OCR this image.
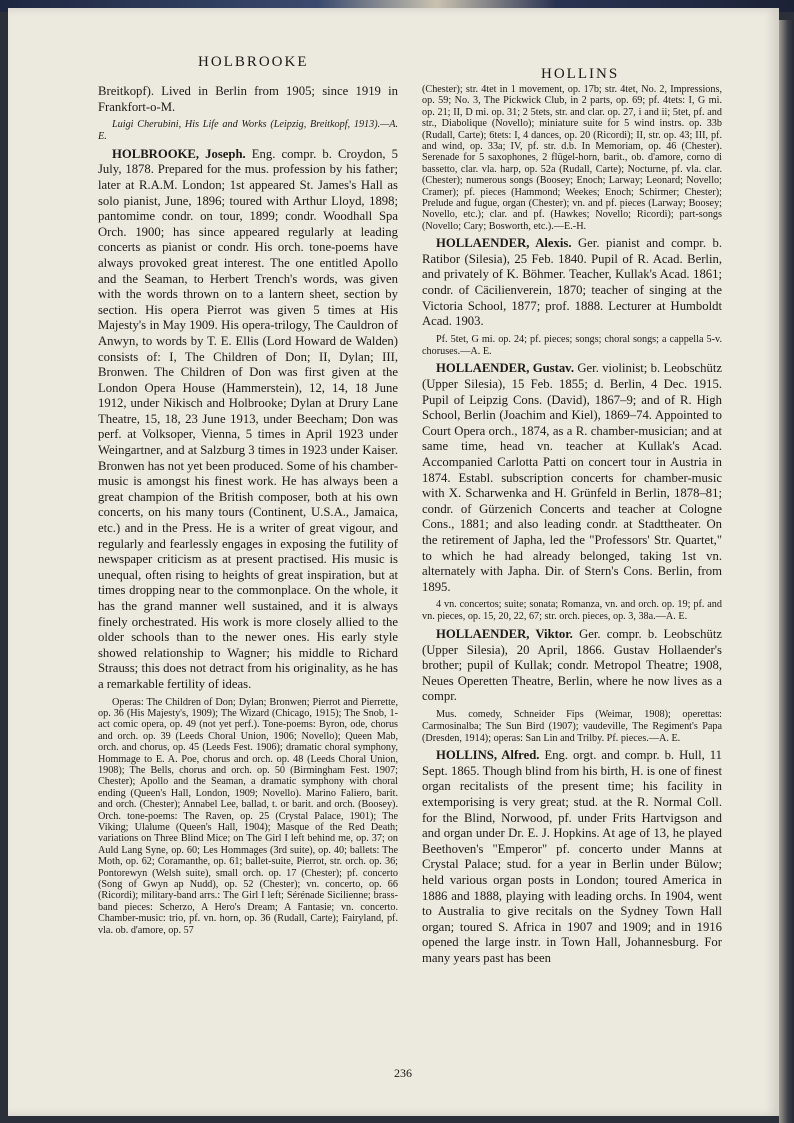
HOLBROOKE
HOLLINS

Breitkopf). Lived in Berlin from 1905; since 1919 in Frankfort-o-M.

Luigi Cherubini, His Life and Works (Leipzig, Breitkopf, 1913).—A. E.

HOLBROOKE, Joseph. Eng. compr. b. Croydon, 5 July, 1878. Prepared for the mus. profession by his father; later at R.A.M. London; 1st appeared St. James's Hall as solo pianist, June, 1896; toured with Arthur Lloyd, 1898; pantomime condr. on tour, 1899; condr. Woodhall Spa Orch. 1900; has since appeared regularly at leading concerts as pianist or condr. His orch. tone-poems have always provoked great interest. The one entitled Apollo and the Seaman, to Herbert Trench's words, was given with the words thrown on to a lantern sheet, section by section. His opera Pierrot was given 5 times at His Majesty's in May 1909. His opera-trilogy, The Cauldron of Anwyn, to words by T. E. Ellis (Lord Howard de Walden) consists of: I, The Children of Don; II, Dylan; III, Bronwen. The Children of Don was first given at the London Opera House (Hammerstein), 12, 14, 18 June 1912, under Nikisch and Holbrooke; Dylan at Drury Lane Theatre, 15, 18, 23 June 1913, under Beecham; Don was perf. at Volksoper, Vienna, 5 times in April 1923 under Weingartner, and at Salzburg 3 times in 1923 under Kaiser. Bronwen has not yet been produced. Some of his chamber-music is amongst his finest work. He has always been a great champion of the British composer, both at his own concerts, on his many tours (Continent, U.S.A., Jamaica, etc.) and in the Press. He is a writer of great vigour, and regularly and fearlessly engages in exposing the futility of newspaper criticism as at present practised. His music is unequal, often rising to heights of great inspiration, but at times dropping near to the commonplace. On the whole, it has the grand manner well sustained, and it is always finely orchestrated. His work is more closely allied to the older schools than to the newer ones. His early style showed relationship to Wagner; his middle to Richard Strauss; this does not detract from his originality, as he has a remarkable fertility of ideas.

Operas: The Children of Don; Dylan; Bronwen; Pierrot and Pierrette, op. 36 (His Majesty's, 1909); The Wizard (Chicago, 1915); The Snob, 1-act comic opera, op. 49 (not yet perf.). Tone-poems: Byron, ode, chorus and orch. op. 39 (Leeds Choral Union, 1906; Novello); Queen Mab, orch. and chorus, op. 45 (Leeds Fest. 1906); dramatic choral symphony, Hommage to E. A. Poe, chorus and orch. op. 48 (Leeds Choral Union, 1908); The Bells, chorus and orch. op. 50 (Birmingham Fest. 1907; Chester); Apollo and the Seaman, a dramatic symphony with choral ending (Queen's Hall, London, 1909; Novello). Marino Faliero, barit. and orch. (Chester); Annabel Lee, ballad, t. or barit. and orch. (Boosey). Orch. tone-poems: The Raven, op. 25 (Crystal Palace, 1901); The Viking; Ulalume (Queen's Hall, 1904); Masque of the Red Death; variations on Three Blind Mice; on The Girl I left behind me, op. 37; on Auld Lang Syne, op. 60; Les Hommages (3rd suite), op. 40; ballets: The Moth, op. 62; Coramanthe, op. 61; ballet-suite, Pierrot, str. orch. op. 36; Pontorewyn (Welsh suite), small orch. op. 17 (Chester); pf. concerto (Song of Gwyn ap Nudd), op. 52 (Chester); vn. concerto, op. 66 (Ricordi); military-band arrs.: The Girl I left; Sérénade Sicilienne; brass-band pieces: Scherzo, A Hero's Dream; A Fantasie; vn. concerto. Chamber-music: trio, pf. vn. horn, op. 36 (Rudall, Carte); Fairyland, pf. vla. ob. d'amore, op. 57

(Chester); str. 4tet in 1 movement, op. 17b; str. 4tet, No. 2, Impressions, op. 59; No. 3, The Pickwick Club, in 2 parts, op. 69; pf. 4tets: I, G mi. op. 21; II, D mi. op. 31; 2 5tets, str. and clar. op. 27, i and ii; 5tet, pf. and str., Diabolique (Novello); miniature suite for 5 wind instrs. op. 33b (Rudall, Carte); 6tets: I, 4 dances, op. 20 (Ricordi); II, str. op. 43; III, pf. and wind, op. 33a; IV, pf. str. d.b. In Memoriam, op. 46 (Chester). Serenade for 5 saxophones, 2 flügel-horn, barit., ob. d'amore, corno di bassetto, clar. vla. harp, op. 52a (Rudall, Carte); Nocturne, pf. vla. clar. (Chester); numerous songs (Boosey; Enoch; Larway; Leonard; Novello; Cramer); pf. pieces (Hammond; Weekes; Enoch; Schirmer; Chester); Prelude and fugue, organ (Chester); vn. and pf. pieces (Larway; Boosey; Novello, etc.); clar. and pf. (Hawkes; Novello; Ricordi); part-songs (Novello; Cary; Bosworth, etc.).—E.-H.

HOLLAENDER, Alexis. Ger. pianist and compr. b. Ratibor (Silesia), 25 Feb. 1840. Pupil of R. Acad. Berlin, and privately of K. Böhmer. Teacher, Kullak's Acad. 1861; condr. of Cäcilienverein, 1870; teacher of singing at the Victoria School, 1877; prof. 1888. Lecturer at Humboldt Acad. 1903.

Pf. 5tet, G mi. op. 24; pf. pieces; songs; choral songs; a cappella 5-v. choruses.—A. E.

HOLLAENDER, Gustav. Ger. violinist; b. Leobschütz (Upper Silesia), 15 Feb. 1855; d. Berlin, 4 Dec. 1915. Pupil of Leipzig Cons. (David), 1867–9; and of R. High School, Berlin (Joachim and Kiel), 1869–74. Appointed to Court Opera orch., 1874, as a R. chamber-musician; and at same time, head vn. teacher at Kullak's Acad. Accompanied Carlotta Patti on concert tour in Austria in 1874. Establ. subscription concerts for chamber-music with X. Scharwenka and H. Grünfeld in Berlin, 1878–81; condr. of Gürzenich Concerts and teacher at Cologne Cons., 1881; and also leading condr. at Stadttheater. On the retirement of Japha, led the "Professors' Str. Quartet," to which he had already belonged, taking 1st vn. alternately with Japha. Dir. of Stern's Cons. Berlin, from 1895.

4 vn. concertos; suite; sonata; Romanza, vn. and orch. op. 19; pf. and vn. pieces, op. 15, 20, 22, 67; str. orch. pieces, op. 3, 38a.—A. E.

HOLLAENDER, Viktor. Ger. compr. b. Leobschütz (Upper Silesia), 20 April, 1866. Gustav Hollaender's brother; pupil of Kullak; condr. Metropol Theatre; 1908, Neues Operetten Theatre, Berlin, where he now lives as a compr.

Mus. comedy, Schneider Fips (Weimar, 1908); operettas: Carmosinalba; The Sun Bird (1907); vaudeville, The Regiment's Papa (Dresden, 1914); operas: San Lin and Trilby. Pf. pieces.—A. E.

HOLLINS, Alfred. Eng. orgt. and compr. b. Hull, 11 Sept. 1865. Though blind from his birth, H. is one of finest organ recitalists of the present time; his facility in extemporising is very great; stud. at the R. Normal Coll. for the Blind, Norwood, pf. under Frits Hartvigson and and organ under Dr. E. J. Hopkins. At age of 13, he played Beethoven's "Emperor" pf. concerto under Manns at Crystal Palace; stud. for a year in Berlin under Bülow; held various organ posts in London; toured America in 1886 and 1888, playing with leading orchs. In 1904, went to Australia to give recitals on the Sydney Town Hall organ; toured S. Africa in 1907 and 1909; and in 1916 opened the large instr. in Town Hall, Johannesburg. For many years past has been

236
